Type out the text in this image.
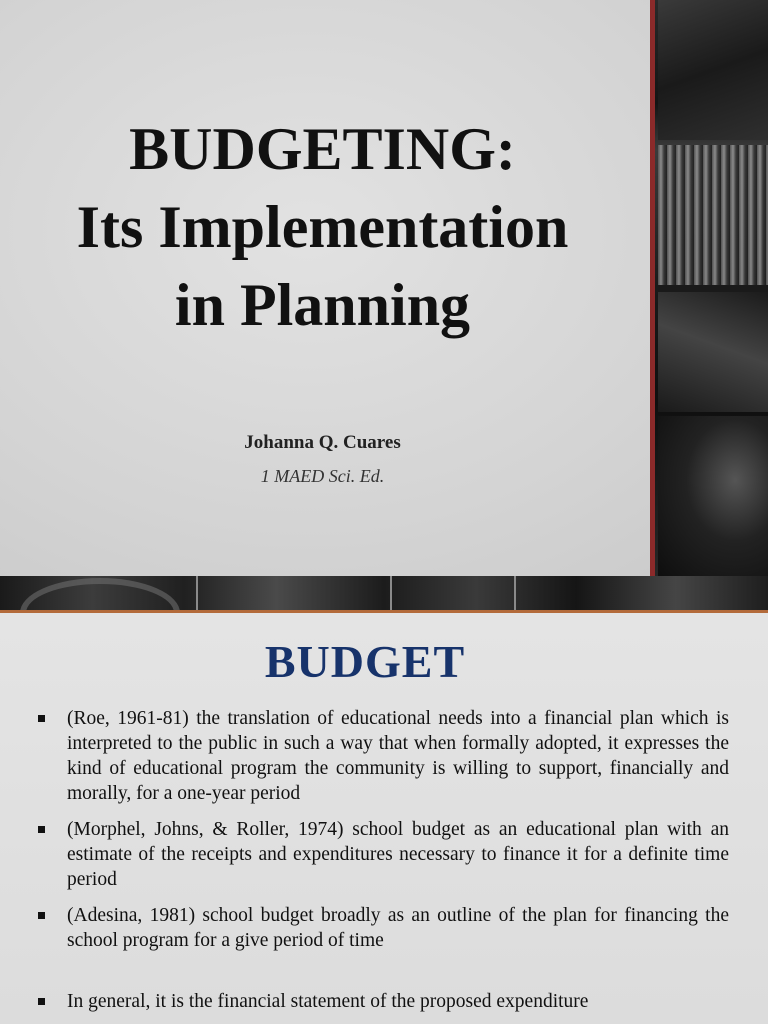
BUDGETING:
Its Implementation
in Planning
Johanna Q. Cuares
1 MAED Sci. Ed.
BUDGET
(Roe, 1961-81) the translation of educational needs into a financial plan which is interpreted to the public in such a way that when formally adopted, it expresses the kind of educational program the community is willing to support, financially and morally, for a one-year period
(Morphel, Johns, & Roller, 1974) school budget as an educational plan with an estimate of the receipts and expenditures necessary to finance it for a definite time period
(Adesina, 1981) school budget broadly as an outline of the plan for financing the school program for a give period of time
In general, it is the financial statement of the proposed expenditure
